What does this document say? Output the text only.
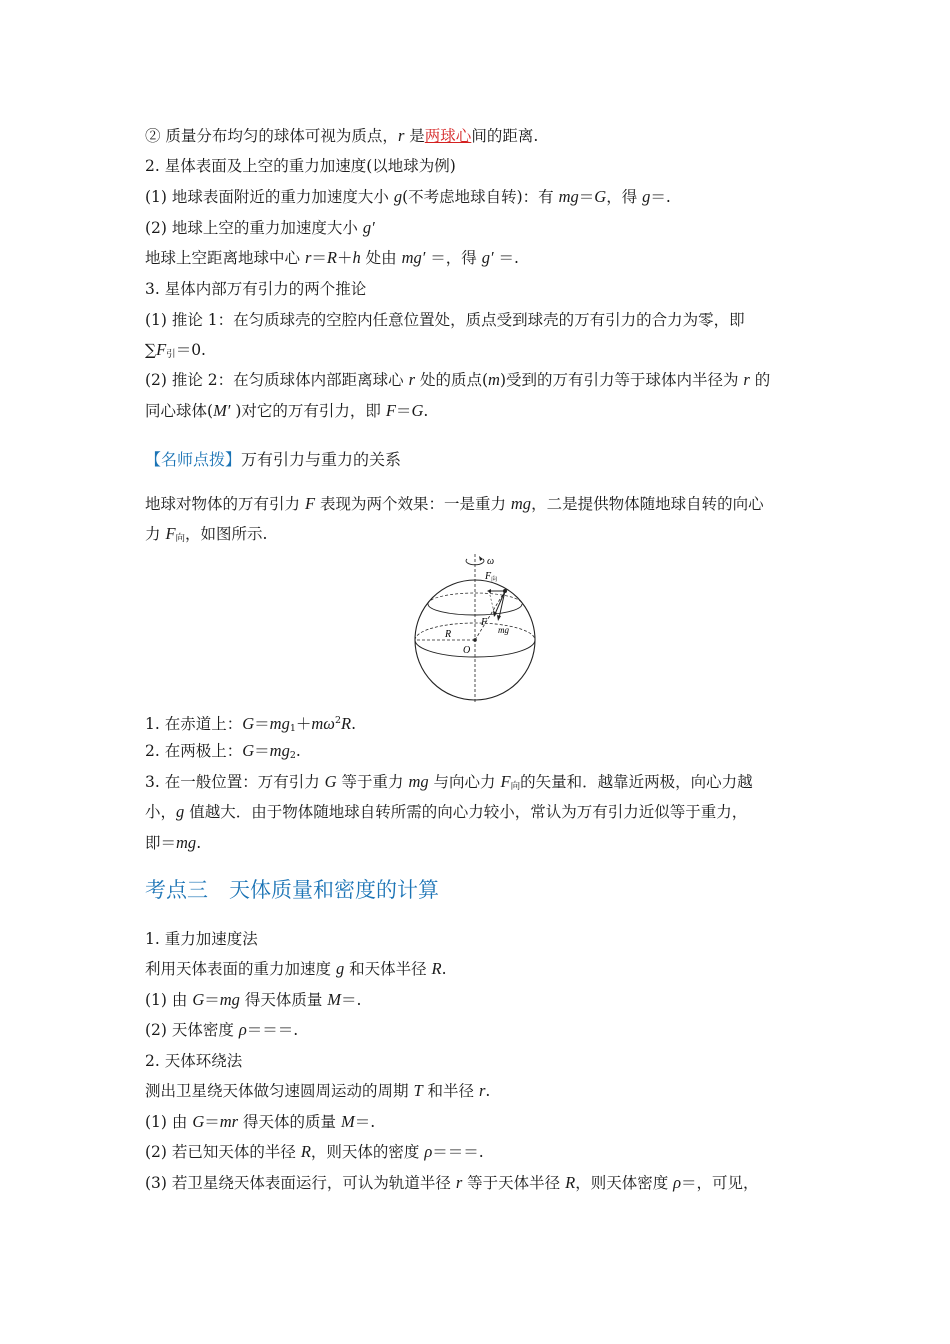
② 质量分布均匀的球体可视为质点，r 是两球心间的距离.
2. 星体表面及上空的重力加速度(以地球为例)
(1) 地球表面附近的重力加速度大小 g(不考虑地球自转)：有 mg＝G，得 g＝.
(2) 地球上空的重力加速度大小 g′
地球上空距离地球中心 r＝R＋h 处由 mg′ ＝，得 g′ ＝.
3. 星体内部万有引力的两个推论
(1) 推论 1：在匀质球壳的空腔内任意位置处，质点受到球壳的万有引力的合力为零，即
$\sum F_引=0$.
(2) 推论 2：在匀质球体内部距离球心 r 处的质点(m)受到的万有引力等于球体内半径为 r 的
同心球体(M′ )对它的万有引力，即 F＝G.
【名师点拨】万有引力与重力的关系
地球对物体的万有引力 F 表现为两个效果：一是重力 mg，二是提供物体随地球自转的向心
力 $F_向$，如图所示.
ω
$F_向$
F
mg
R
O
1. 在赤道上：$G=mg_1+m\omega^2R$.
2. 在两极上：$G=mg_2$.
3. 在一般位置：万有引力 G 等于重力 mg 与向心力 $F_向$的矢量和．越靠近两极，向心力越
小，g 值越大．由于物体随地球自转所需的向心力较小，常认为万有引力近似等于重力，
即＝mg.
考点三　天体质量和密度的计算
1. 重力加速度法
利用天体表面的重力加速度 g 和天体半径 R.
(1) 由 G＝mg 得天体质量 M＝.
(2) 天体密度 ρ＝＝＝.
2. 天体环绕法
测出卫星绕天体做匀速圆周运动的周期 T 和半径 r.
(1) 由 G＝mr 得天体的质量 M＝.
(2) 若已知天体的半径 R，则天体的密度 ρ＝＝＝.
(3) 若卫星绕天体表面运行，可认为轨道半径 r 等于天体半径 R，则天体密度 ρ＝，可见，
